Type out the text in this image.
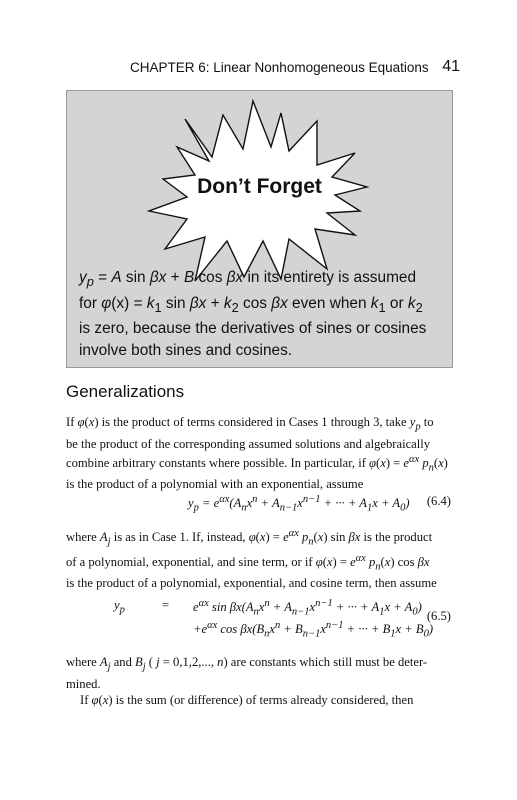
CHAPTER 6: Linear Nonhomogeneous Equations 41
Don’t Forget
$y_p = A$ sin βx + B cos βx in its entirety is assumed
for $\varphi(x) = k_1$ $\sin \beta x + k_2$ cos βx even when $k_1$ or $k_2$
is zero, because the derivatives of sines or cosines
involve both sines and cosines.
Generalizations
If φ(x) is the product of terms considered in Cases 1 through 3, take $y_p$ to
be the product of the corresponding assumed solutions and algebraically
combine arbitrary constants where possible. In particular, if $\varphi(x) = e^{\alpha x}$ $p_n(x)$
is the product of a polynomial with an exponential, assume
$y_p = e^{\alpha x}(A_nx^n + A_{n-1}x^{n-1}$ + ··· + $A_1x + A_0$) (6.4)
where $A_j$ is as in Case 1. If, instead, $\varphi(x) = e^{\alpha x}$ $p_n(x)$ sin βx is the product
of a polynomial, exponential, and sine term, or if $\varphi(x) = e^{\alpha x}$ $p_n(x)$ cos βx
is the product of a polynomial, exponential, and cosine term, then assume
$y_p$	= $e^{\alpha x}$ $\sin \beta x(A_nx^n + A_{n-1}x^{n-1}$ + ··· + $A_1x + A_0$)
$+e^{\alpha x}$ $\cos \beta x(B_nx^n + B_{n-1}x^{n-1}$ + ··· + $B_1x + B_0$)
(6.5)
where $A_j$ and $B_j$ ( j = 0,1,2,..., n) are constants which still must be deter-
mined.
If φ(x) is the sum (or difference) of terms already considered, then
